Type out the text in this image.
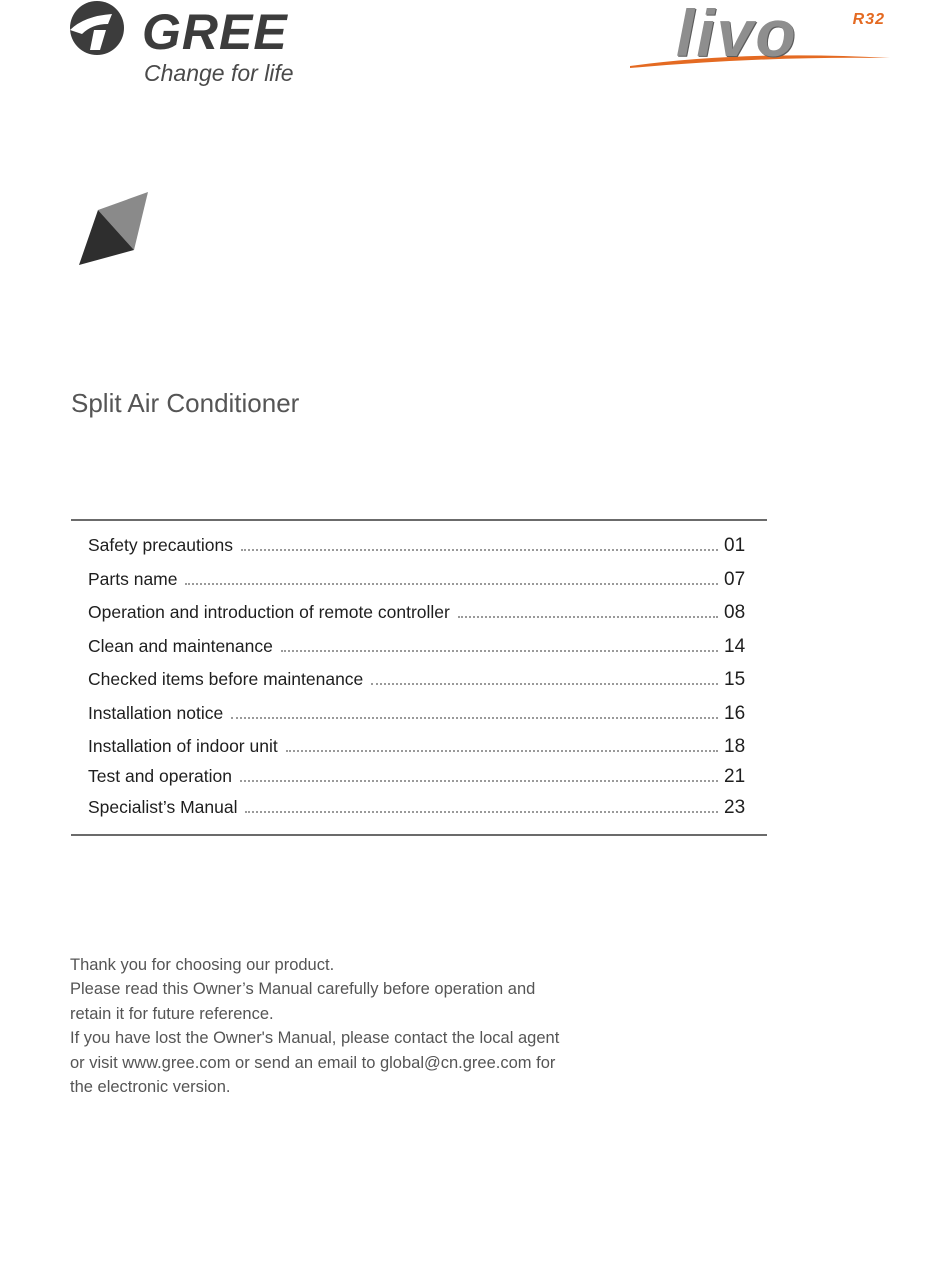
GREE
Change for life
livo	R32
Split Air Conditioner
Safety precautions	01
Parts name	07
Operation and introduction of remote controller	08
Clean and maintenance	14
Checked items before maintenance	15
Installation notice	16
Installation of indoor unit	18
Test and operation	21
Specialist’s Manual	23
Thank you for choosing our product.
Please read this Owner’s Manual carefully before operation and
retain it for future reference.
If you have lost the Owner's Manual, please contact the local agent
or visit www.gree.com or send an email to global@cn.gree.com for
the electronic version.
